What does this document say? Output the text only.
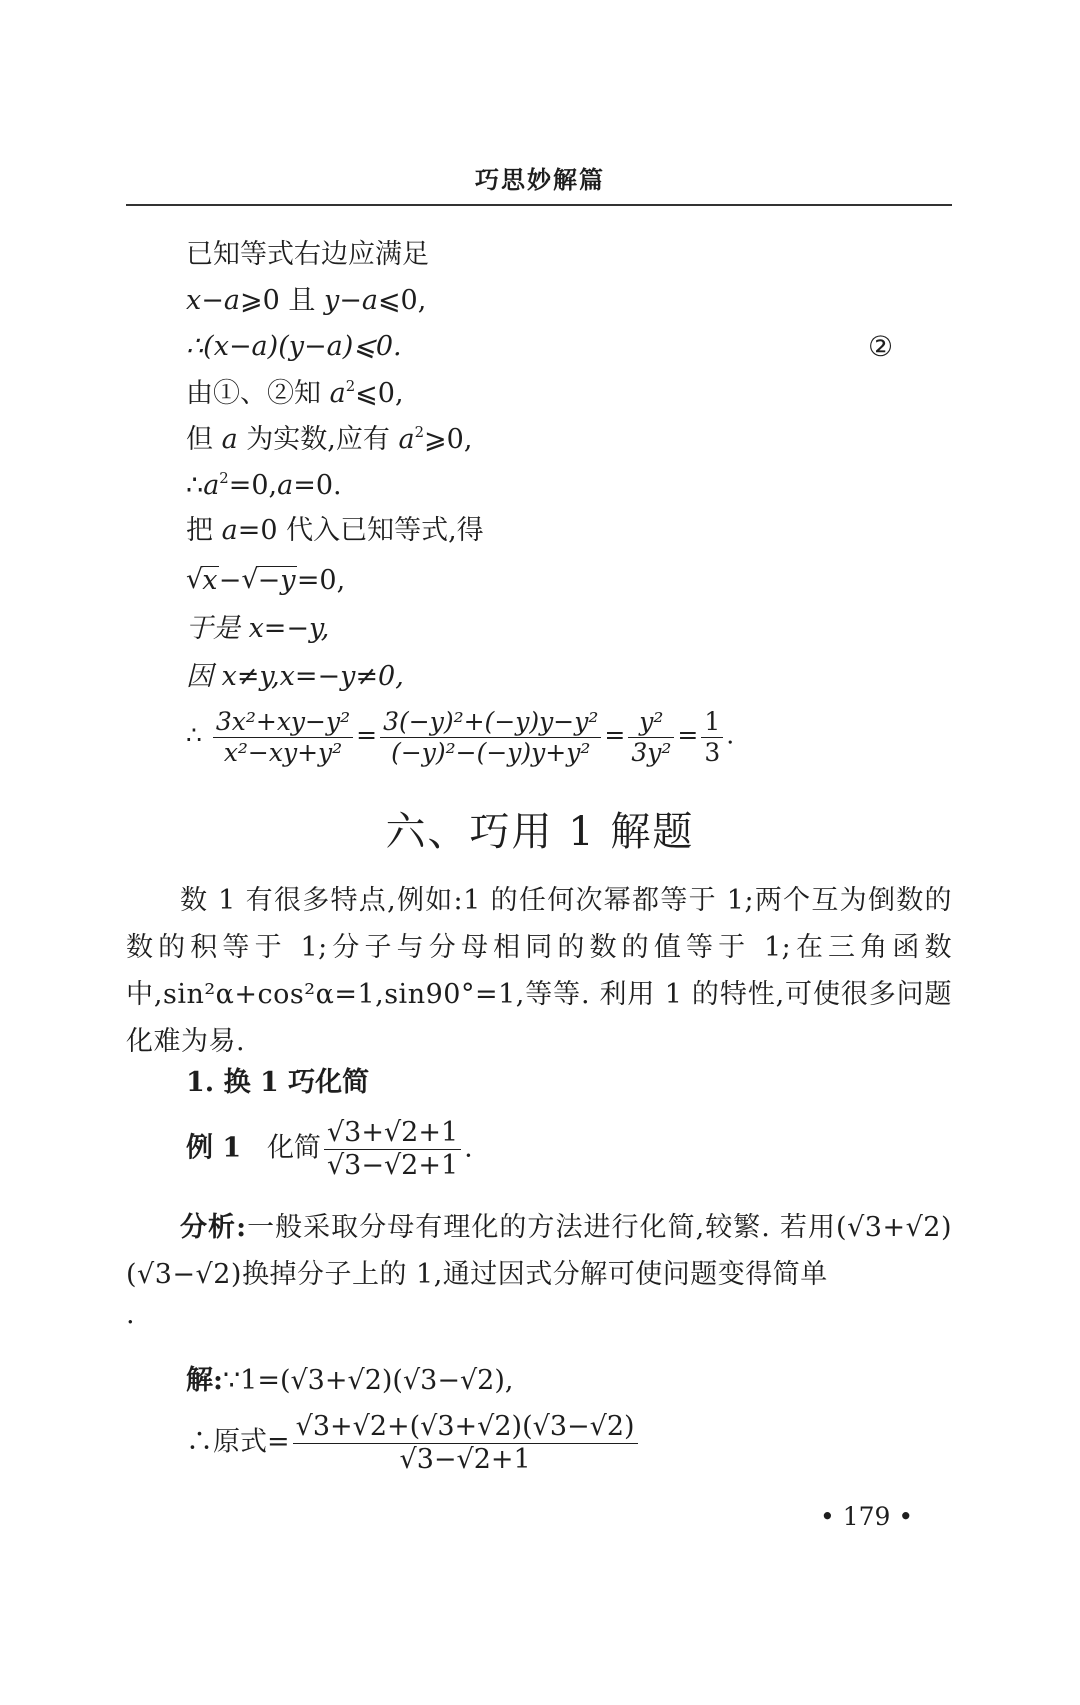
巧思妙解篇
已知等式右边应满足
x−a⩾0 且 y−a⩽0,
∴(x−a)(y−a)⩽0.	②
由①、②知 $a^2⩽0$,
但 a 为实数,应有 $a^2⩾0$,
$\therefore a^2=0,a=0$.
把 a=0 代入已知等式,得
√ x−√ −y=0,
于是 x=−y,
因 x≠y,x=−y≠0,
∴ $\frac{\text{3x²+xy−y²}}{\text{x²−xy+y²}} = \frac{\text{3(−y)²+(−y)y−y²}}{\text{(−y)²−(−y)y+y²}} = \frac{\text{y²}}{\text{3y²}} = \frac{1}{3}$ .
六、巧用 1 解题
数 1 有很多特点,例如:1 的任何次幂都等于 1;两个互为倒数的数的积等于 1;分子与分母相同的数的值等于 1;在三角函数中,sin²α+cos²α=1,sin90°=1,等等. 利用 1 的特性,可使很多问题化难为易.
1. 换 1 巧化简
例 1 化简 $\frac{√3+√2+1}{√3-√2+1}$ .
分析:一般采取分母有理化的方法进行化简,较繁. 若用(√3+√2)(√3−√2)换掉分子上的 1,通过因式分解可使问题变得简单
.
解:∵1=(√3+√2)(√3−√2),
∴原式= $\frac{√3+√2+(√3+√2)(√3-√2)}{√3-√2+1}$
• 179 •
